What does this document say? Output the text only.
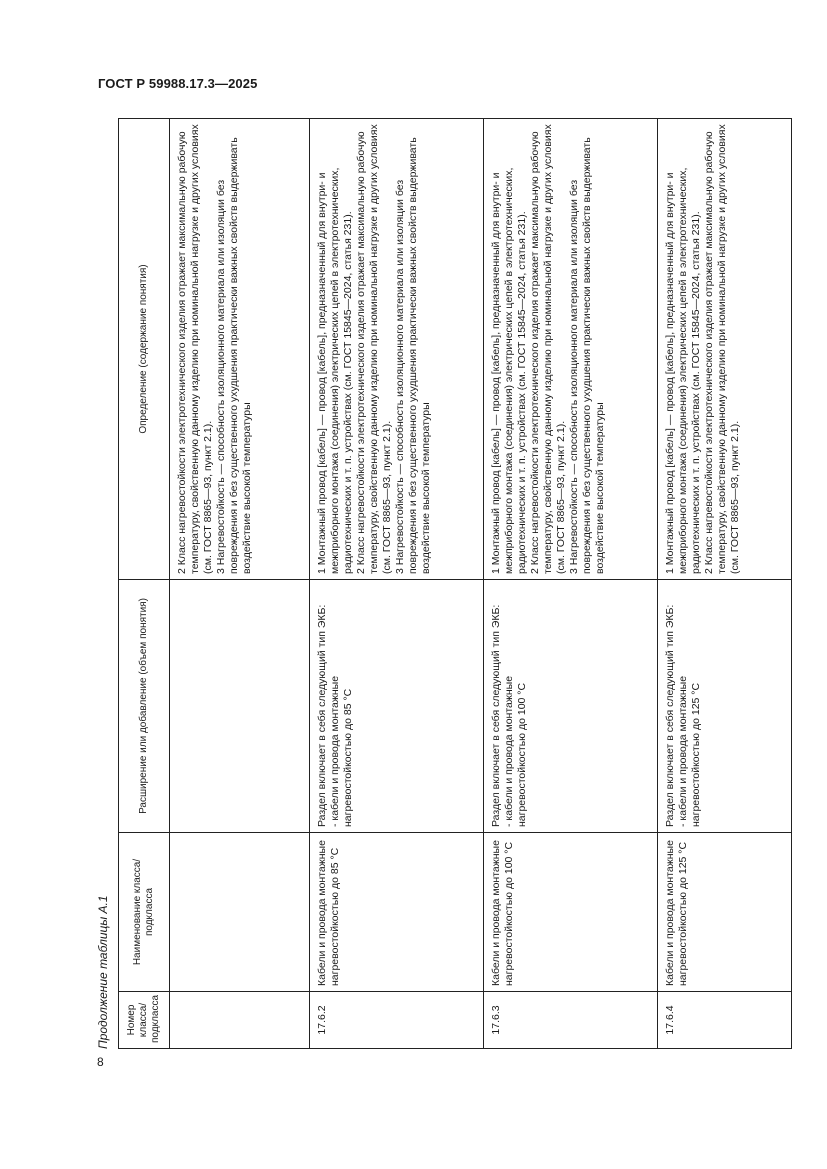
ГОСТ Р 59988.17.3—2025
Продолжение таблицы А.1 Номер класса/ подкласса	Наименование класса/ подкласса	Расширение или добавление (объем понятия)	Определение (содержание понятия)

			2 Класс нагревостойкости электротехнического изделия отражает максимальную рабочую температуру, свойственную данному изделию при номинальной нагрузке и других условиях (см. ГОСТ 8865—93, пункт 2.1).
3 Нагревостойкость — способность изоляционного материала или изоляции без повреждения и без существенного ухудшения практически важных свойств выдерживать воздействие высокой температуры

17.6.2	Кабели и провода монтажные нагревостойкостью до 85 °С	Раздел включает в себя следующий тип ЭКБ:
- кабели и провода монтажные нагревостойкостью до 85 °С	1 Монтажный провод [кабель] — провод [кабель], предназначенный для внутри- и межприборного монтажа (соединения) электрических цепей в электротехнических, радиотехнических и т. п. устройствах (см. ГОСТ 15845—2024, статья 231).
2 Класс нагревостойкости электротехнического изделия отражает максимальную рабочую температуру, свойственную данному изделию при номинальной нагрузке и других условиях (см. ГОСТ 8865—93, пункт 2.1).
3 Нагревостойкость — способность изоляционного материала или изоляции без повреждения и без существенного ухудшения практически важных свойств выдерживать воздействие высокой температуры

17.6.3	Кабели и провода монтажные нагревостойкостью до 100 °С	Раздел включает в себя следующий тип ЭКБ:
- кабели и провода монтажные нагревостойкостью до 100 °С	1 Монтажный провод [кабель] — провод [кабель], предназначенный для внутри- и межприборного монтажа (соединения) электрических цепей в электротехнических, радиотехнических и т. п. устройствах (см. ГОСТ 15845—2024, статья 231).
2 Класс нагревостойкости электротехнического изделия отражает максимальную рабочую температуру, свойственную данному изделию при номинальной нагрузке и других условиях (см. ГОСТ 8865—93, пункт 2.1).
3 Нагревостойкость — способность изоляционного материала или изоляции без повреждения и без существенного ухудшения практически важных свойств выдерживать воздействие высокой температуры

17.6.4	Кабели и провода монтажные нагревостойкостью до 125 °С	Раздел включает в себя следующий тип ЭКБ:
- кабели и провода монтажные нагревостойкостью до 125 °С	1 Монтажный провод [кабель] — провод [кабель], предназначенный для внутри- и межприборного монтажа (соединения) электрических цепей в электротехнических, радиотехнических и т. п. устройствах (см. ГОСТ 15845—2024, статья 231).
2 Класс нагревостойкости электротехнического изделия отражает максимальную рабочую температуру, свойственную данному изделию при номинальной нагрузке и других условиях (см. ГОСТ 8865—93, пункт 2.1).
8
